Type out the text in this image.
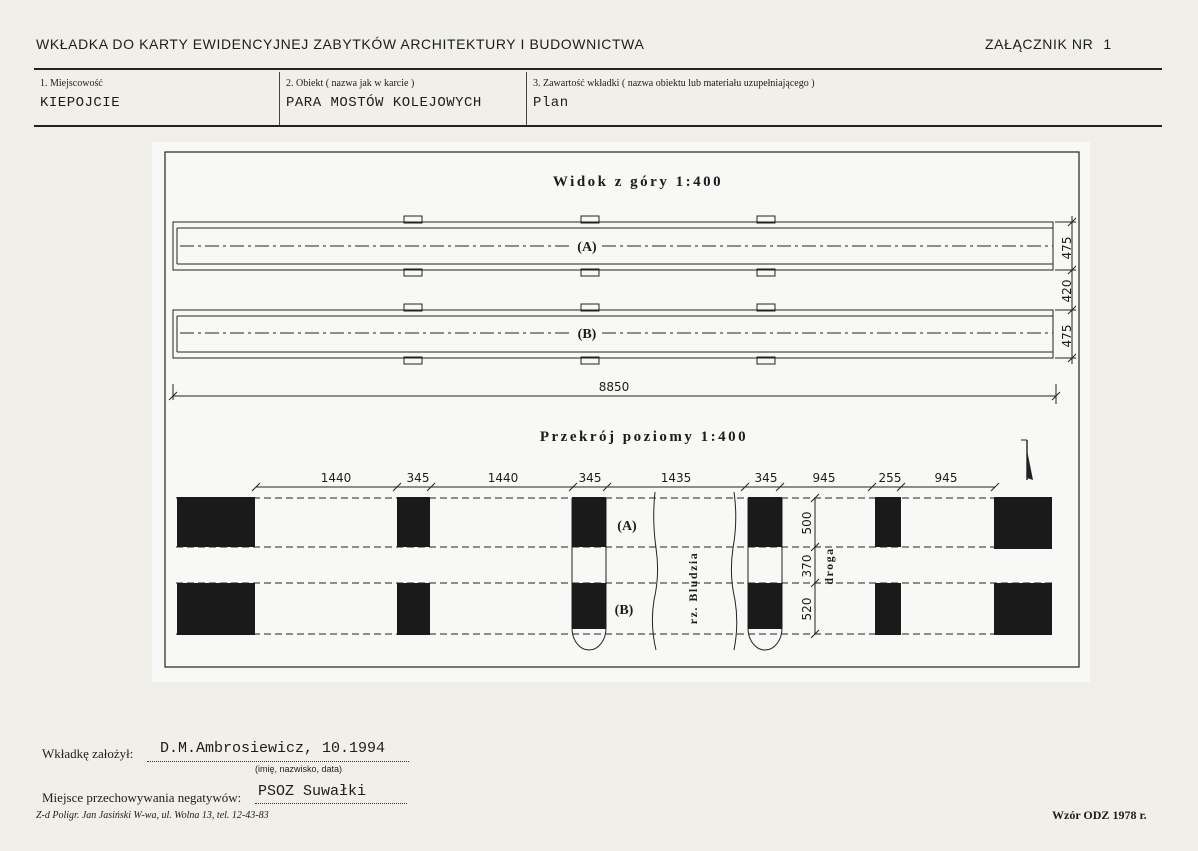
WKŁADKA DO KARTY EWIDENCYJNEJ ZABYTKÓW ARCHITEKTURY I BUDOWNICTWA	ZAŁĄCZNIK NR 1
1. Miejscowość
KIEPOJCIE
2. Obiekt ( nazwa jak w karcie )
PARA MOSTÓW KOLEJOWYCH
3. Zawartość wkładki ( nazwa obiektu lub materiału uzupełniającego )
Plan
Widok z góry 1:400
(A)
(B)
Przekrój poziomy 1:400
(A)
(B)
475
420
475
8850
1440	345	1440	345	1435	345	945	255	945
500
370
520
rz. Bludzia	droga
Wkładkę założył: D.M.Ambrosiewicz, 10.1994
(imię, nazwisko, data)
Miejsce przechowywania negatywów: PSOZ Suwałki
Z-d Poligr. Jan Jasiński W-wa, ul. Wolna 13, tel. 12-43-83	Wzór ODZ 1978 r.
